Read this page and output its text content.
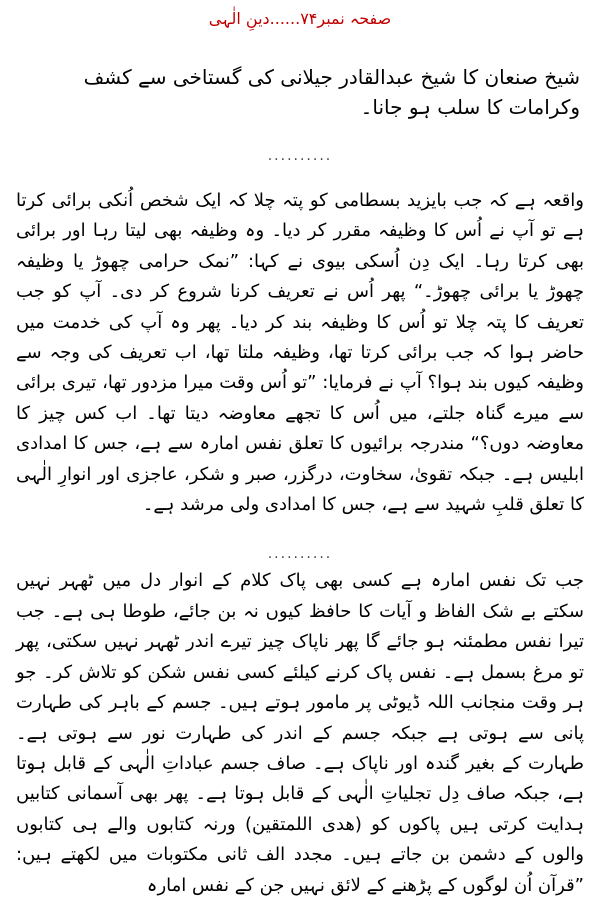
صفحہ نمبر۷۴......دینِ الٰہی
شیخ صنعان کا شیخ عبدالقادر جیلانی کی گستاخی سے کشف وکرامات کا سلب ہو جانا۔
..........

واقعہ ہے کہ جب بایزید بسطامی کو پتہ چلا کہ ایک شخص اُنکی برائی کرتا ہے تو آپ نے اُس کا وظیفہ مقرر کر دیا۔ وہ وظیفہ بھی لیتا رہا اور برائی بھی کرتا رہا۔ ایک دِن اُسکی بیوی نے کہا: ”نمک حرامی چھوڑ یا وظیفہ چھوڑ یا برائی چھوڑ۔“ پھر اُس نے تعریف کرنا شروع کر دی۔ آپ کو جب تعریف کا پتہ چلا تو اُس کا وظیفہ بند کر دیا۔ پھر وہ آپ کی خدمت میں حاضر ہوا کہ جب برائی کرتا تھا، وظیفہ ملتا تھا، اب تعریف کی وجہ سے وظیفہ کیوں بند ہوا؟ آپ نے فرمایا: ”تو اُس وقت میرا مزدور تھا، تیری برائی سے میرے گناہ جلتے، میں اُس کا تجھے معاوضہ دیتا تھا۔ اب کس چیز کا معاوضہ دوں؟“ مندرجہ برائیوں کا تعلق نفس امارہ سے ہے، جس کا امدادی ابلیس ہے۔ جبکہ تقویٰ، سخاوت، درگزر، صبر و شکر، عاجزی اور انوارِ الٰہی کا تعلق قلبِ شہید سے ہے، جس کا امدادی ولی مرشد ہے۔

..........

جب تک نفس امارہ ہے کسی بھی پاک کلام کے انوار دل میں ٹھہر نہیں سکتے بے شک الفاظ و آیات کا حافظ کیوں نہ بن جائے، طوطا ہی ہے۔ جب تیرا نفس مطمئنہ ہو جائے گا پھر ناپاک چیز تیرے اندر ٹھہر نہیں سکتی، پھر تو مرغ بسمل ہے۔ نفس پاک کرنے کیلئے کسی نفس شکن کو تلاش کر۔ جو ہر وقت منجانب اللہ ڈیوٹی پر مامور ہوتے ہیں۔ جسم کے باہر کی طہارت پانی سے ہوتی ہے جبکہ جسم کے اندر کی طہارت نور سے ہوتی ہے۔ طہارت کے بغیر گندہ اور ناپاک ہے۔ صاف جسم عباداتِ الٰہی کے قابل ہوتا ہے، جبکہ صاف دِل تجلیاتِ الٰہی کے قابل ہوتا ہے۔ پھر بھی آسمانی کتابیں ہدایت کرتی ہیں پاکوں کو (ھدی اللمتقین) ورنہ کتابوں والے ہی کتابوں والوں کے دشمن بن جاتے ہیں۔ مجدد الف ثانی مکتوبات میں لکھتے ہیں: ”قرآن اُن لوگوں کے پڑھنے کے لائق نہیں جن کے نفس امارہ
